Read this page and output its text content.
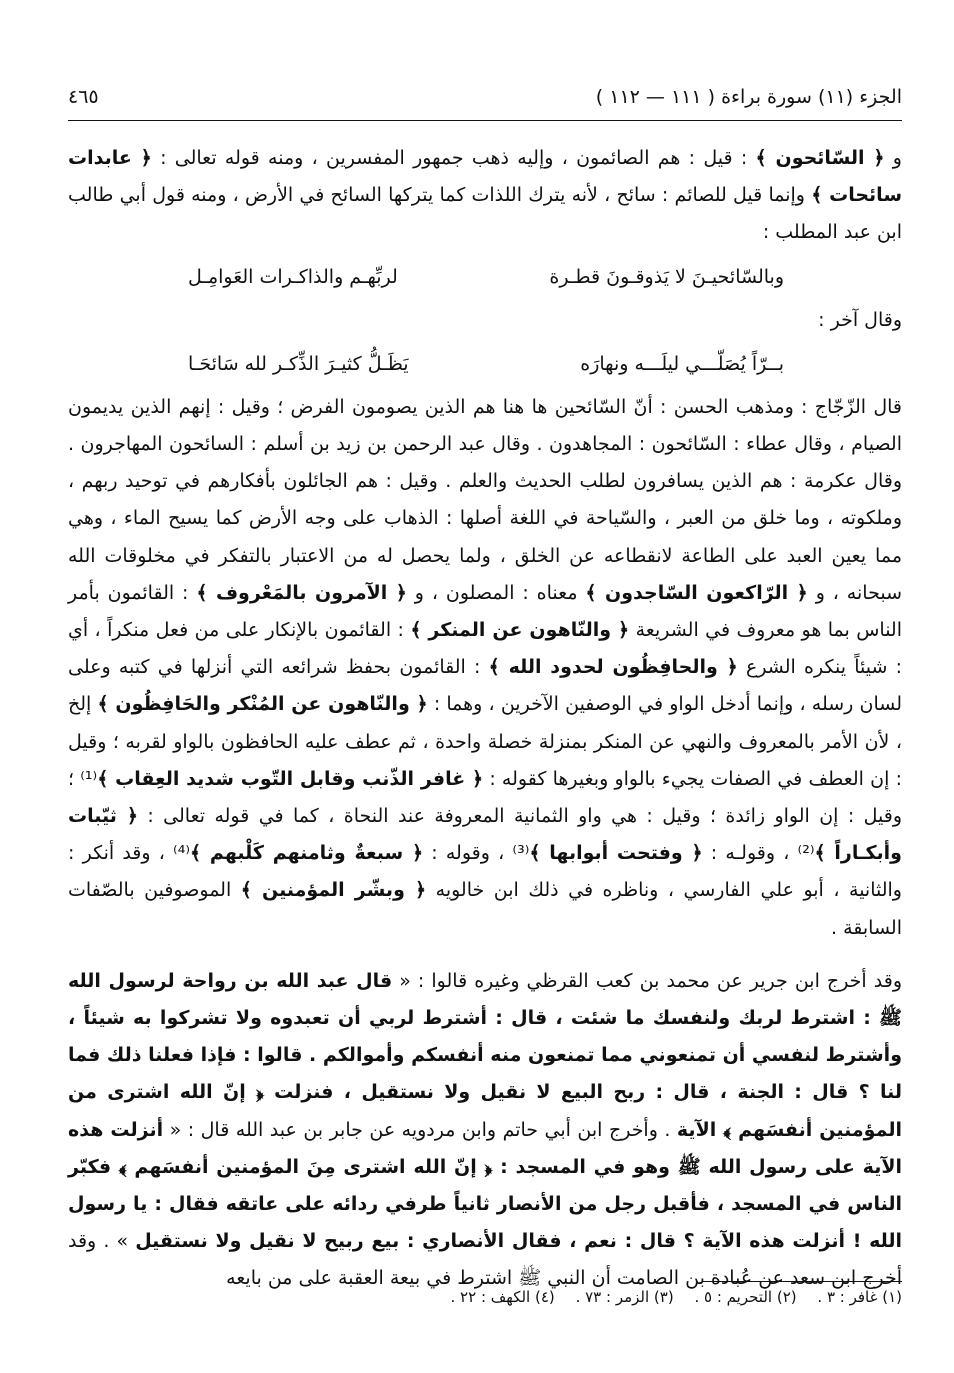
الجزء (١١) سورة براءة ( ١١١ — ١١٢ )
٤٦٥

و ﴿ السّائحون ﴾ : قيل : هم الصائمون ، وإليه ذهب جمهور المفسرين ، ومنه قوله تعالى : ﴿ عابدات سائحات ﴾ وإنما قيل للصائم : سائح ، لأنه يترك اللذات كما يتركها السائح في الأرض ، ومنه قول أبي طالب ابن عبد المطلب :

وبالسّائحيـنَ لا يَذوقـونَ قطـرة
لربِّهـم والذاكـرات العَوامِـل

وقال آخر :

بــرّاً يُصَلّـــي ليلَـــه ونهارَه
يَظَـلُّ كثيـرَ الذِّكـر لله سَائحَـا

قال الزّجّاج : ومذهب الحسن : أنّ السّائحين ها هنا هم الذين يصومون الفرض ؛ وقيل : إنهم الذين يديمون الصيام ، وقال عطاء : السّائحون : المجاهدون . وقال عبد الرحمن بن زيد بن أسلم : السائحون المهاجرون . وقال عكرمة : هم الذين يسافرون لطلب الحديث والعلم . وقيل : هم الجائلون بأفكارهم في توحيد ربهم ، وملكوته ، وما خلق من العبر ، والسّياحة في اللغة أصلها : الذهاب على وجه الأرض كما يسيح الماء ، وهي مما يعين العبد على الطاعة لانقطاعه عن الخلق ، ولما يحصل له من الاعتبار بالتفكر في مخلوقات الله سبحانه ، و ﴿ الرّاكعون السّاجدون ﴾ معناه : المصلون ، و ﴿ الآمرون بالمَعْروف ﴾ : القائمون بأمر الناس بما هو معروف في الشريعة ﴿ والنّاهون عن المنكر ﴾ : القائمون بالإنكار على من فعل منكراً ، أي : شيئاً ينكره الشرع ﴿ والحافِظُون لحدود الله ﴾ : القائمون بحفظ شرائعه التي أنزلها في كتبه وعلى لسان رسله ، وإنما أدخل الواو في الوصفين الآخرين ، وهما : ﴿ والنّاهون عن المُنْكر والحَافِظُون ﴾ إلخ ، لأن الأمر بالمعروف والنهي عن المنكر بمنزلة خصلة واحدة ، ثم عطف عليه الحافظون بالواو لقربه ؛ وقيل : إن العطف في الصفات يجيء بالواو وبغيرها كقوله : ﴿ غافر الذّنب وقابل التّوب شديد العِقاب ﴾⁽¹⁾ ؛ وقيل : إن الواو زائدة ؛ وقيل : هي واو الثمانية المعروفة عند النحاة ، كما في قوله تعالى : ﴿ ثيّبات وأبكـاراً ﴾⁽²⁾ ، وقولـه : ﴿ وفتحت أبوابها ﴾⁽³⁾ ، وقوله : ﴿ سبعةٌ وثامنهم كَلْبهم ﴾⁽⁴⁾ ، وقد أنكر : والثانية ، أبو علي الفارسي ، وناظره في ذلك ابن خالويه ﴿ وبشّر المؤمنين ﴾ الموصوفين بالصّفات السابقة .

وقد أخرج ابن جرير عن محمد بن كعب القرظي وغيره قالوا : « قال عبد الله بن رواحة لرسول الله ﷺ : اشترط لربك ولنفسك ما شئت ، قال : أشترط لربي أن تعبدوه ولا تشركوا به شيئاً ، وأشترط لنفسي أن تمنعوني مما تمنعون منه أنفسكم وأموالكم . قالوا : فإذا فعلنا ذلك فما لنا ؟ قال : الجنة ، قال : ربح البيع لا نقيل ولا نستقيل ، فنزلت ﴿ إنّ الله اشترى من المؤمنين أنفسَهم ﴾ الآية . وأخرج ابن أبي حاتم وابن مردويه عن جابر بن عبد الله قال : « أنزلت هذه الآية على رسول الله ﷺ وهو في المسجد : ﴿ إنّ الله اشترى مِنَ المؤمنين أنفسَهم ﴾ فكبّر الناس في المسجد ، فأقبل رجل من الأنصار ثانياً طرفي ردائه على عاتقه فقال : يا رسول الله ! أنزلت هذه الآية ؟ قال : نعم ، فقال الأنصاري : بيع ربيح لا نقيل ولا نستقيل » . وقد أخرج ابن سعد عن عُبادة بن الصامت أن النبي ﷺ اشترط في بيعة العقبة على من بايعه

(١) غافر : ٣ . (٢) التحريم : ٥ . (٣) الزمر : ٧٣ . (٤) الكهف : ٢٢ .
